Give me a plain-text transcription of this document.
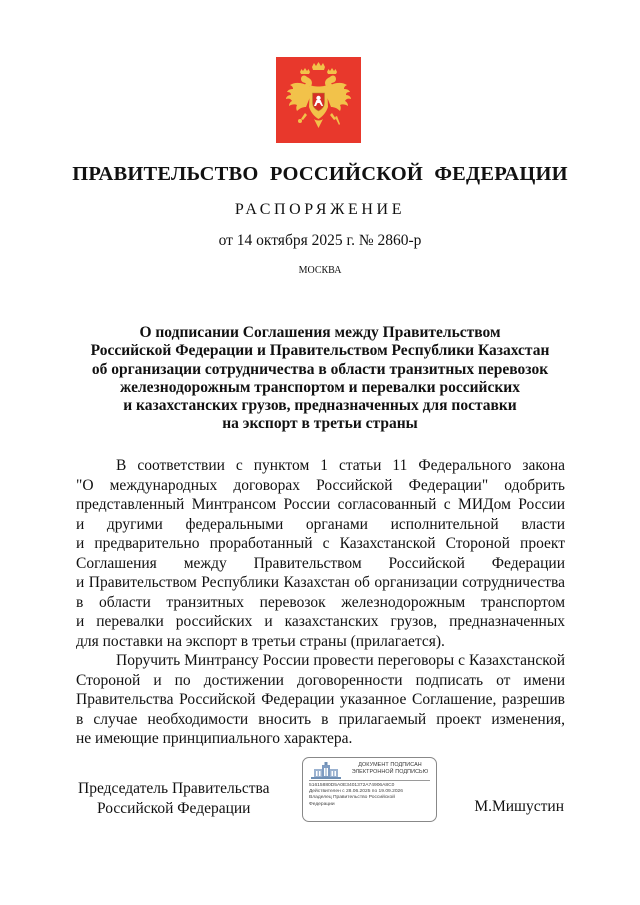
ПРАВИТЕЛЬСТВО РОССИЙСКОЙ ФЕДЕРАЦИИ
РАСПОРЯЖЕНИЕ
от 14 октября 2025 г. № 2860-р
МОСКВА
О подписании Соглашения между Правительством
Российской Федерации и Правительством Республики Казахстан
об организации сотрудничества в области транзитных перевозок
железнодорожным транспортом и перевалки российских
и казахстанских грузов, предназначенных для поставки
на экспорт в третьи страны
В соответствии с пунктом 1 статьи 11 Федерального закона
"О международных договорах Российской Федерации" одобрить
представленный Минтрансом России согласованный с МИДом России
и другими федеральными органами исполнительной власти
и предварительно проработанный с Казахстанской Стороной проект
Соглашения между Правительством Российской Федерации
и Правительством Республики Казахстан об организации сотрудничества
в области транзитных перевозок железнодорожным транспортом
и перевалки российских и казахстанских грузов, предназначенных
для поставки на экспорт в третьи страны (прилагается).
Поручить Минтрансу России провести переговоры с Казахстанской
Стороной и по достижении договоренности подписать от имени
Правительства Российской Федерации указанное Соглашение, разрешив
в случае необходимости вносить в прилагаемый проект изменения,
не имеющие принципиального характера.
Председатель Правительства
Российской Федерации
ДОКУМЕНТ ПОДПИСАН
ЭЛЕКТРОННОЙ ПОДПИСЬЮ
51615880D5A0E3401372A74906A8C0
Действителен с 28.06.2025 по 19.09.2026
Владелец Правительство Российской
Федерации	М.Мишустин
